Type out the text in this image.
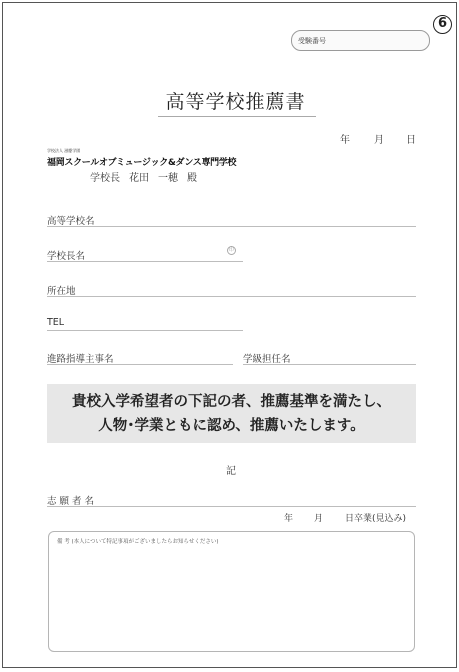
6
受験番号
高等学校推薦書
年 月 日
学校法人 滋慶学園
福岡スクールオブミュージック&ダンス専門学校
学校長 花田 一穂 殿
高等学校名
学校長名
印
所在地
TEL
進路指導主事名	学級担任名
貴校入学希望者の下記の者、推薦基準を満たし、
人物･学業ともに認め、推薦いたします。
記
志願者名
年 月 日卒業(見込み)
備 考 (本人について特記事項がございましたらお知らせください)
